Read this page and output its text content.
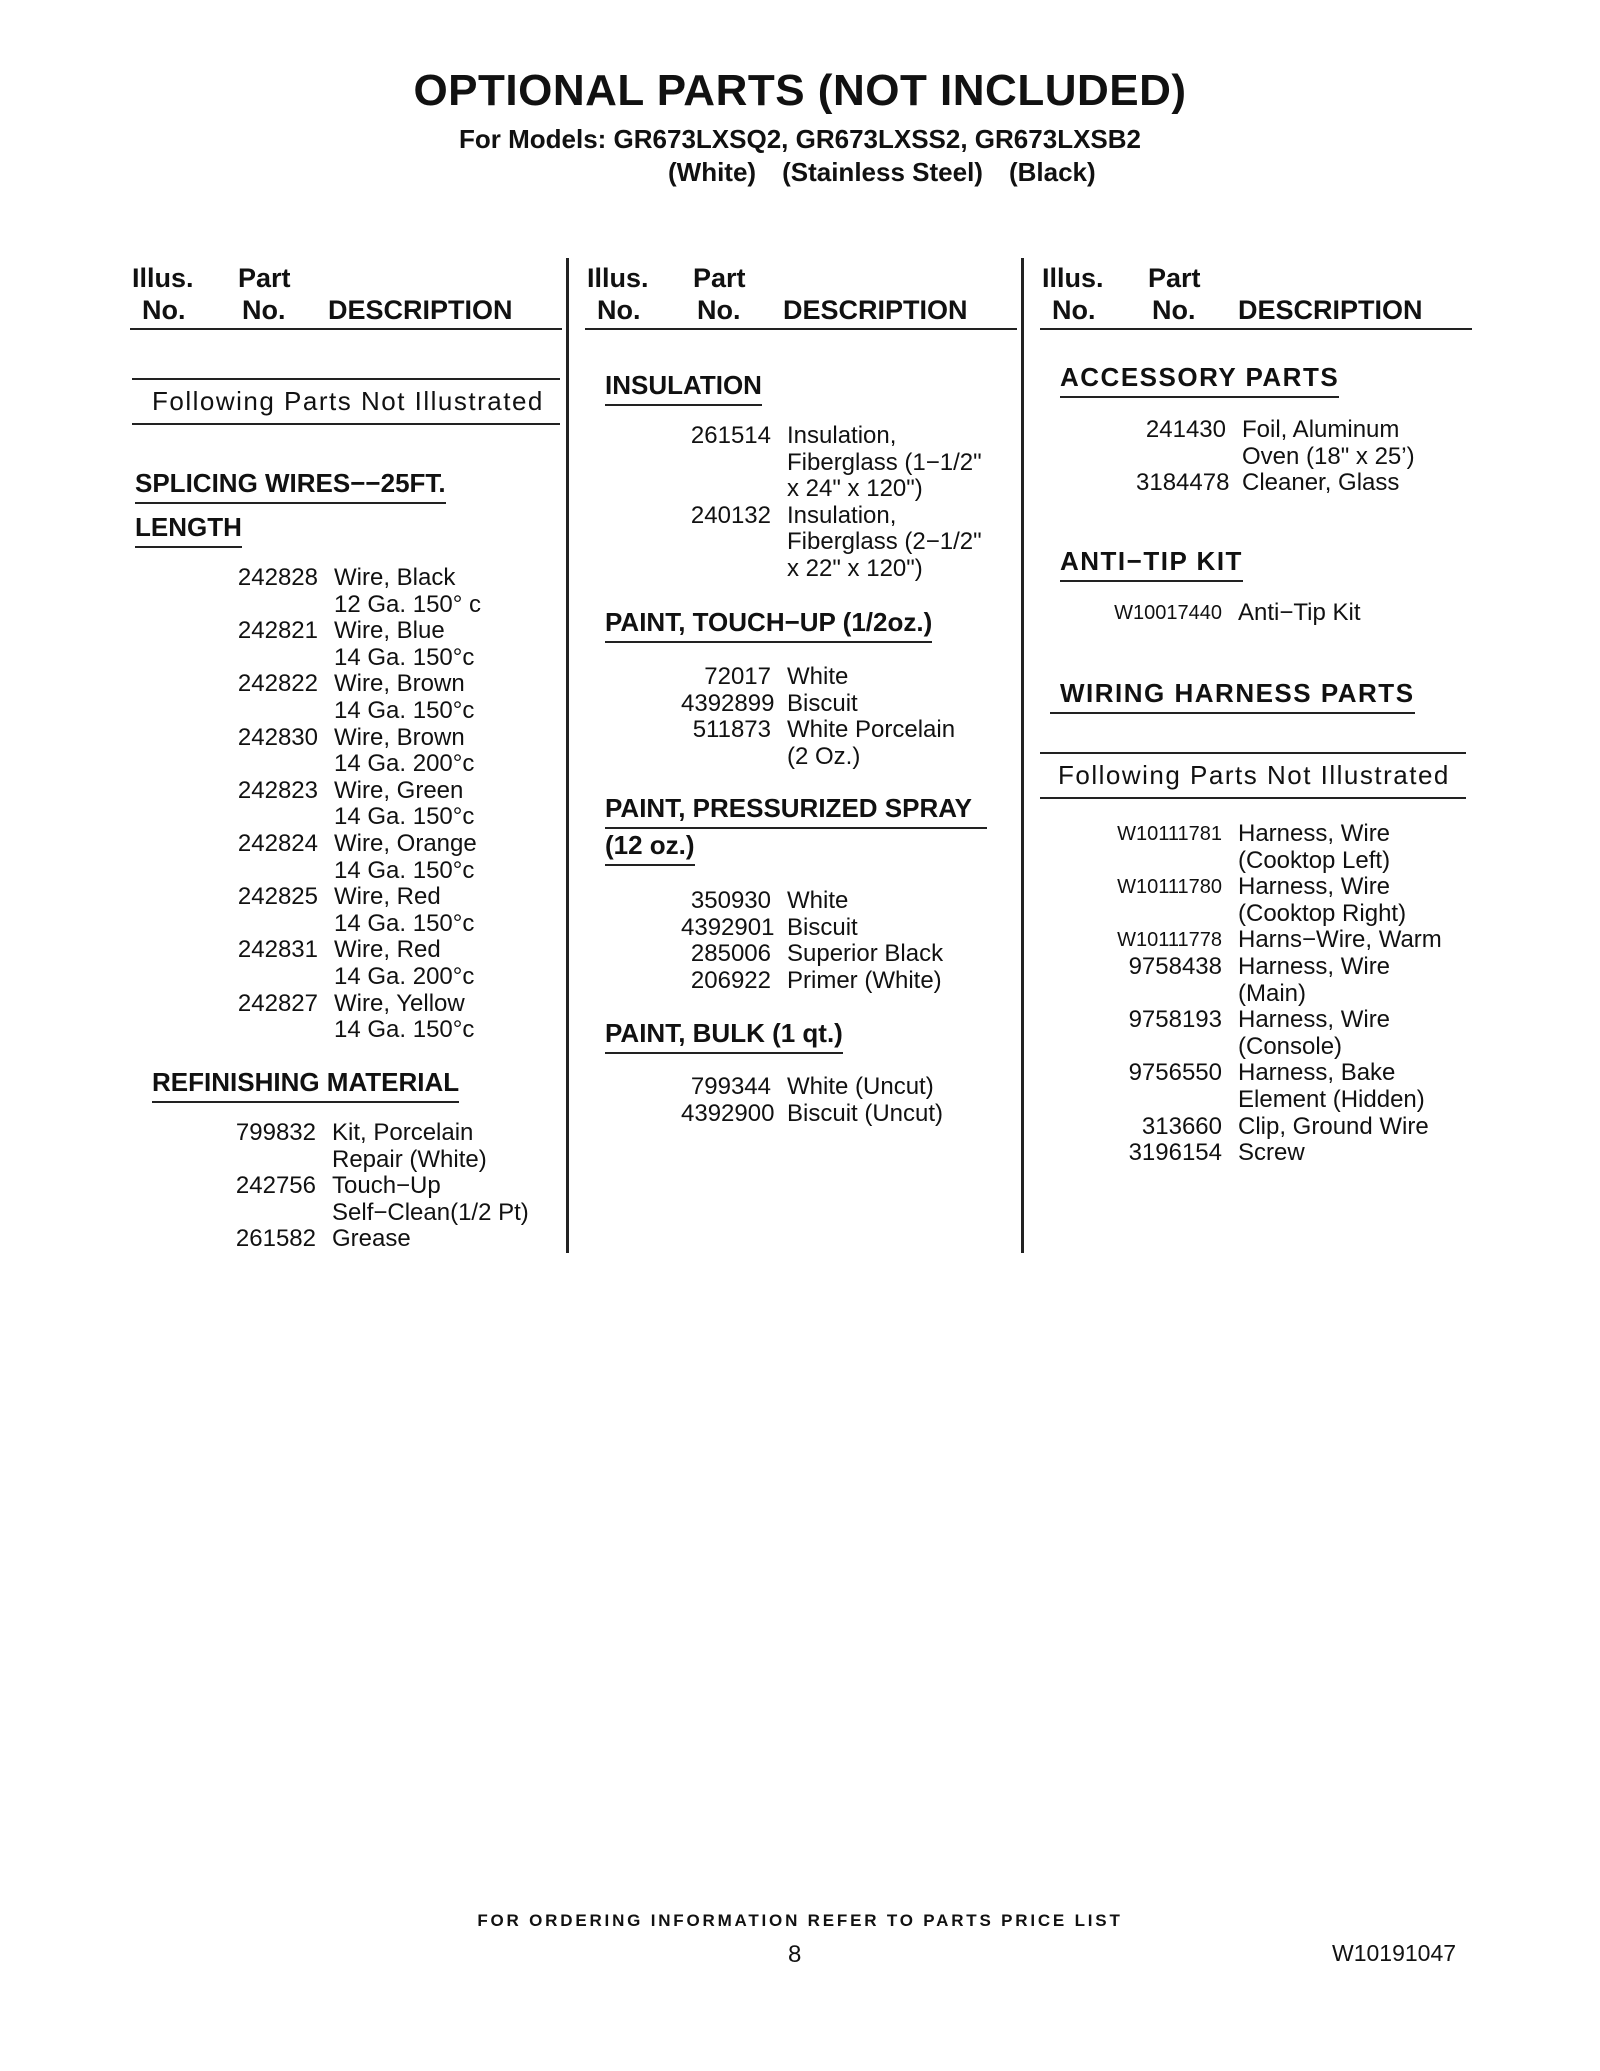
OPTIONAL PARTS (NOT INCLUDED)
For Models: GR673LXSQ2, GR673LXSS2, GR673LXSB2
(White) (Stainless Steel) (Black)
Illus.
No.
Part
No. DESCRIPTION
Following Parts Not Illustrated
SPLICING WIRES−−25FT.
LENGTH
242828 Wire, Black
12 Ga. 150° c
242821 Wire, Blue
14 Ga. 150°c
242822 Wire, Brown
14 Ga. 150°c
242830 Wire, Brown
14 Ga. 200°c
242823 Wire, Green
14 Ga. 150°c
242824 Wire, Orange
14 Ga. 150°c
242825 Wire, Red
14 Ga. 150°c
242831 Wire, Red
14 Ga. 200°c
242827 Wire, Yellow
14 Ga. 150°c
REFINISHING MATERIAL
799832 Kit, Porcelain
Repair (White)
242756 Touch−Up
Self−Clean(1/2 Pt)
261582 Grease
Illus.
No.
Part
No. DESCRIPTION
INSULATION
261514 Insulation,
Fiberglass (1−1/2"
x 24" x 120")
240132 Insulation,
Fiberglass (2−1/2"
x 22" x 120")
PAINT, TOUCH−UP (1/2oz.)
72017 White
4392899 Biscuit
511873 White Porcelain
(2 Oz.)
PAINT, PRESSURIZED SPRAY
(12 oz.)
350930 White
4392901 Biscuit
285006 Superior Black
206922 Primer (White)
PAINT, BULK (1 qt.)
799344 White (Uncut)
4392900 Biscuit (Uncut)
Illus.
No.
Part
No. DESCRIPTION
ACCESSORY PARTS
241430 Foil, Aluminum
Oven (18" x 25’)
3184478 Cleaner, Glass
ANTI−TIP KIT
W10017440 Anti−Tip Kit
WIRING HARNESS PARTS
Following Parts Not Illustrated
W10111781 Harness, Wire
(Cooktop Left)
W10111780 Harness, Wire
(Cooktop Right)
W10111778 Harns−Wire, Warm
9758438 Harness, Wire
(Main)
9758193 Harness, Wire
(Console)
9756550 Harness, Bake
Element (Hidden)
313660 Clip, Ground Wire
3196154 Screw
FOR ORDERING INFORMATION REFER TO PARTS PRICE LIST
8	W10191047
